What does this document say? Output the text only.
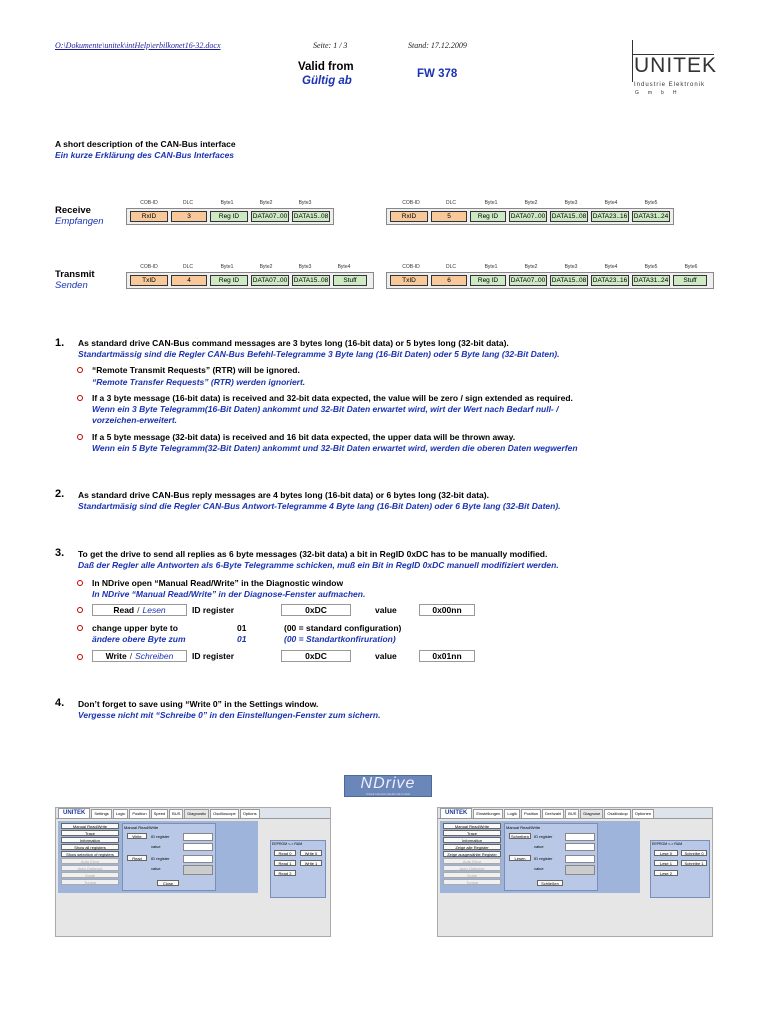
O:\Dokumente\unitek\intHelp\erbilkonet16-32.docx	Seite: 1 / 3	Stand: 17.12.2009
Valid from
Gültig ab
FW 378	UNITEK
Industrie Elektronik
GmbH
A short description of the CAN-Bus interface
Ein kurze Erklärung des CAN-Bus Interfaces
Receive
Empfangen
COB-ID	DLC	Byte1	Byte2	Byte3
RxID	3	Reg ID	DATA07..00 DATA15..08
COB-ID	DLC	Byte1	Byte2	Byte3	Byte4	Byte5
RxID	5	Reg ID	DATA07..00 DATA15..08 DATA23..16 DATA31..24
Transmit
Senden
COB-ID	DLC	Byte1	Byte2	Byte3	Byte4
TxID	4	Reg ID	DATA07..00 DATA15..08	Stuff
COB-ID	DLC	Byte1	Byte2	Byte3	Byte4	Byte5	Byte6
TxID	6	Reg ID	DATA07..00 DATA15..08 DATA23..16 DATA31..24	Stuff
1. As standard drive CAN-Bus command messages are 3 bytes long (16-bit data) or 5 bytes long (32-bit data).
Standartmässig sind die Regler CAN-Bus Befehl-Telegramme 3 Byte lang (16-Bit Daten) oder 5 Byte lang (32-Bit Daten).
“Remote Transmit Requests” (RTR) will be ignored.
“Remote Transfer Requests” (RTR) werden ignoriert.
If a 3 byte message (16-bit data) is received and 32-bit data expected, the value will be zero / sign extended as required.
Wenn ein 3 Byte Telegramm(16-Bit Daten) ankommt und 32-Bit Daten erwartet wird, wirt der Wert nach Bedarf null- /
vorzeichen-erweitert.
If a 5 byte message (32-bit data) is received and 16 bit data expected, the upper data will be thrown away.
Wenn ein 5 Byte Telegramm(32-Bit Daten) ankommt und 32-Bit Daten erwartet wird, werden die oberen Daten wegwerfen
2. As standard drive CAN-Bus reply messages are 4 bytes long (16-bit data) or 6 bytes long (32-bit data).
Standartmäsig sind die Regler CAN-Bus Antwort-Telegramme 4 Byte lang (16-Bit Daten) oder 6 Byte lang (32-Bit Daten).
3. To get the drive to send all replies as 6 byte messages (32-bit data) a bit in RegID 0xDC has to be manually modified.
Daß der Regler alle Antworten als 6-Byte Telegramme schicken, muß ein Bit in RegID 0xDC manuell modifiziert werden.
In NDrive open “Manual Read/Write” in the Diagnostic window
In NDrive “Manual Read/Write” in der Diagnose-Fenster aufmachen.
Read / Lesen	ID register	0xDC	value	0x00nn
change upper byte to	01	(00 = standard configuration)
ändere obere Byte zum	01	(00 = Standartkonfiruration)
Write / Schreiben ID register	0xDC	value	0x01nn
4. Don’t forget to save using “Write 0” in the Settings window.
Vergesse nicht mit “Schreibe 0” in den Einstellungen-Fenster zum sichern.
NDrive
Unitek Industrie Elektronik GmbH
UNITEK	Settings	Logic	Position	Speed	BUS	Diagnostic	Oscilloscope	Options
Manual Read/Write
Trace
Information
Show all registers
Show selection of registers
Auto Error
Auto Optimize
Scale
Tuning
Manual Read/Write
Write	ID register
value
Read	ID register
value
Close
EEPROM <-> RAM
Read 0	Write 0
Read 1	Write 1
Read 2
UNITEK	Einstellungen	Logik	Position	Drehzahl	BUS	Diagnose	Oszilloskop	Optionen
Manual Read/Write
Trace
Information
Zeige alle Register
Zeige ausgewählte Register
Auto Error
Auto Optimize
Scale
Tuning
Manual Read/Write
Schreiben	ID register
value
Lesen	ID register
value
Schließen
EEPROM <-> RAM
Lese 0	Schreibe 0
Lese 1	Schreibe 1
Lese 2
